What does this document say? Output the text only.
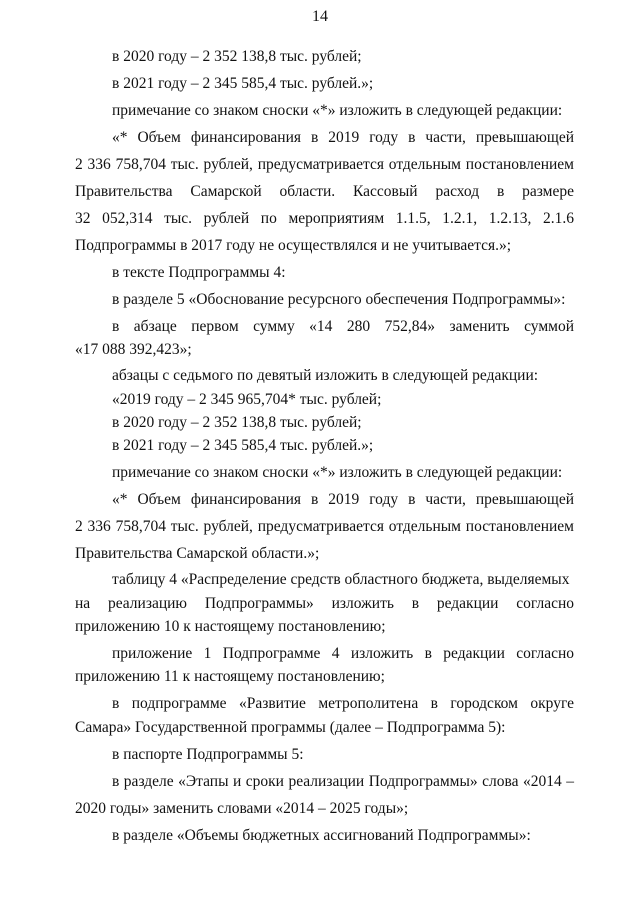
14
в 2020 году – 2 352 138,8 тыс. рублей;
в 2021 году – 2 345 585,4 тыс. рублей.»;
примечание со знаком сноски «*» изложить в следующей редакции:
«* Объем финансирования в 2019 году в части, превышающей
2 336 758,704 тыс. рублей, предусматривается отдельным постановлением
Правительства Самарской области. Кассовый расход в размере
32 052,314 тыс. рублей по мероприятиям 1.1.5, 1.2.1, 1.2.13, 2.1.6
Подпрограммы в 2017 году не осуществлялся и не учитывается.»;
в тексте Подпрограммы 4:
в разделе 5 «Обоснование ресурсного обеспечения Подпрограммы»:
в абзаце первом сумму «14 280 752,84» заменить суммой
«17 088 392,423»;
абзацы с седьмого по девятый изложить в следующей редакции:
«2019 году – 2 345 965,704* тыс. рублей;
в 2020 году – 2 352 138,8 тыс. рублей;
в 2021 году – 2 345 585,4 тыс. рублей.»;
примечание со знаком сноски «*» изложить в следующей редакции:
«* Объем финансирования в 2019 году в части, превышающей
2 336 758,704 тыс. рублей, предусматривается отдельным постановлением
Правительства Самарской области.»;
таблицу 4 «Распределение средств областного бюджета, выделяемых
на реализацию Подпрограммы» изложить в редакции согласно
приложению 10 к настоящему постановлению;
приложение 1 Подпрограмме 4 изложить в редакции согласно
приложению 11 к настоящему постановлению;
в подпрограмме «Развитие метрополитена в городском округе
Самара» Государственной программы (далее – Подпрограмма 5):
в паспорте Подпрограммы 5:
в разделе «Этапы и сроки реализации Подпрограммы» слова «2014 –
2020 годы» заменить словами «2014 – 2025 годы»;
в разделе «Объемы бюджетных ассигнований Подпрограммы»:
